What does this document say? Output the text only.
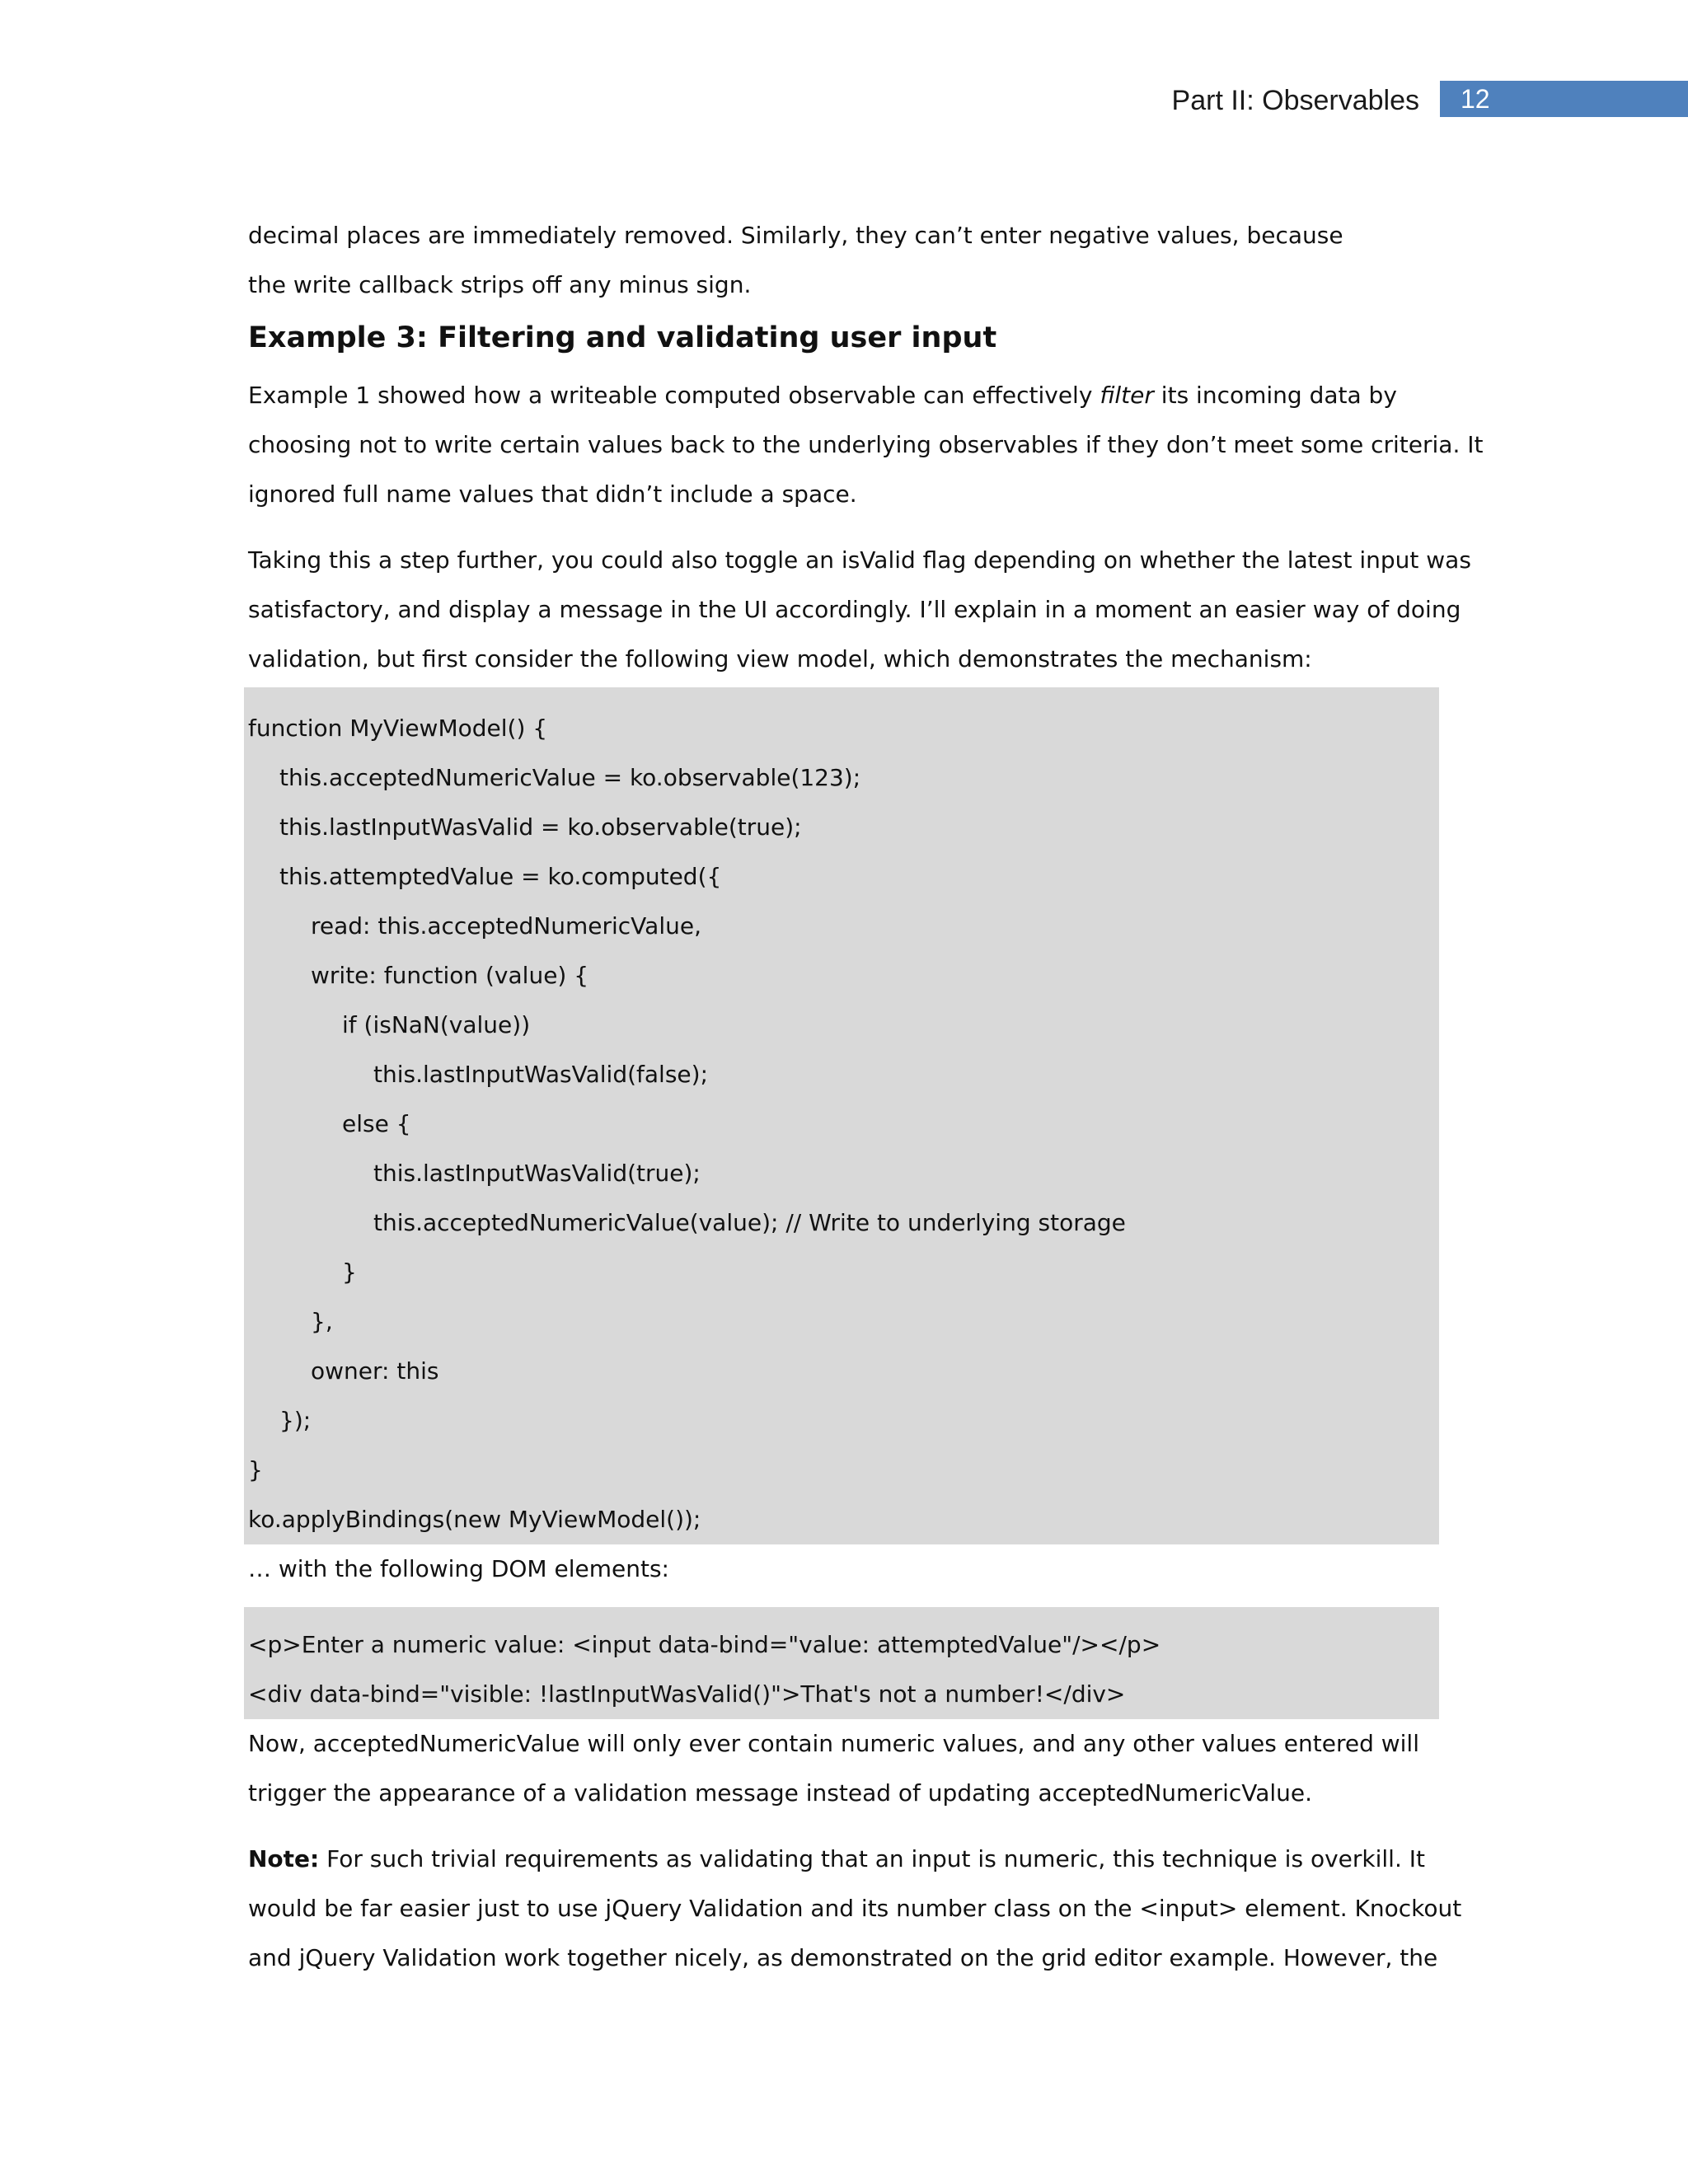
Part II: Observables	12

decimal places are immediately removed. Similarly, they can’t enter negative values, because

the write callback strips off any minus sign.

Example 3: Filtering and validating user input

Example 1 showed how a writeable computed observable can effectively filter its incoming data by

choosing not to write certain values back to the underlying observables if they don’t meet some criteria. It

ignored full name values that didn’t include a space.

Taking this a step further, you could also toggle an isValid flag depending on whether the latest input was

satisfactory, and display a message in the UI accordingly. I’ll explain in a moment an easier way of doing

validation, but first consider the following view model, which demonstrates the mechanism:

function MyViewModel() {

this.acceptedNumericValue = ko.observable(123);

this.lastInputWasValid = ko.observable(true);

this.attemptedValue = ko.computed({

read: this.acceptedNumericValue,

write: function (value) {

if (isNaN(value))

this.lastInputWasValid(false);

else {

this.lastInputWasValid(true);

this.acceptedNumericValue(value); // Write to underlying storage

}

},

owner: this

});

}

ko.applyBindings(new MyViewModel());

… with the following DOM elements:

<p>Enter a numeric value: <input data-bind="value: attemptedValue"/></p>

<div data-bind="visible: !lastInputWasValid()">That's not a number!</div>

Now, acceptedNumericValue will only ever contain numeric values, and any other values entered will

trigger the appearance of a validation message instead of updating acceptedNumericValue.

Note: For such trivial requirements as validating that an input is numeric, this technique is overkill. It

would be far easier just to use jQuery Validation and its number class on the <input> element. Knockout

and jQuery Validation work together nicely, as demonstrated on the grid editor example. However, the
